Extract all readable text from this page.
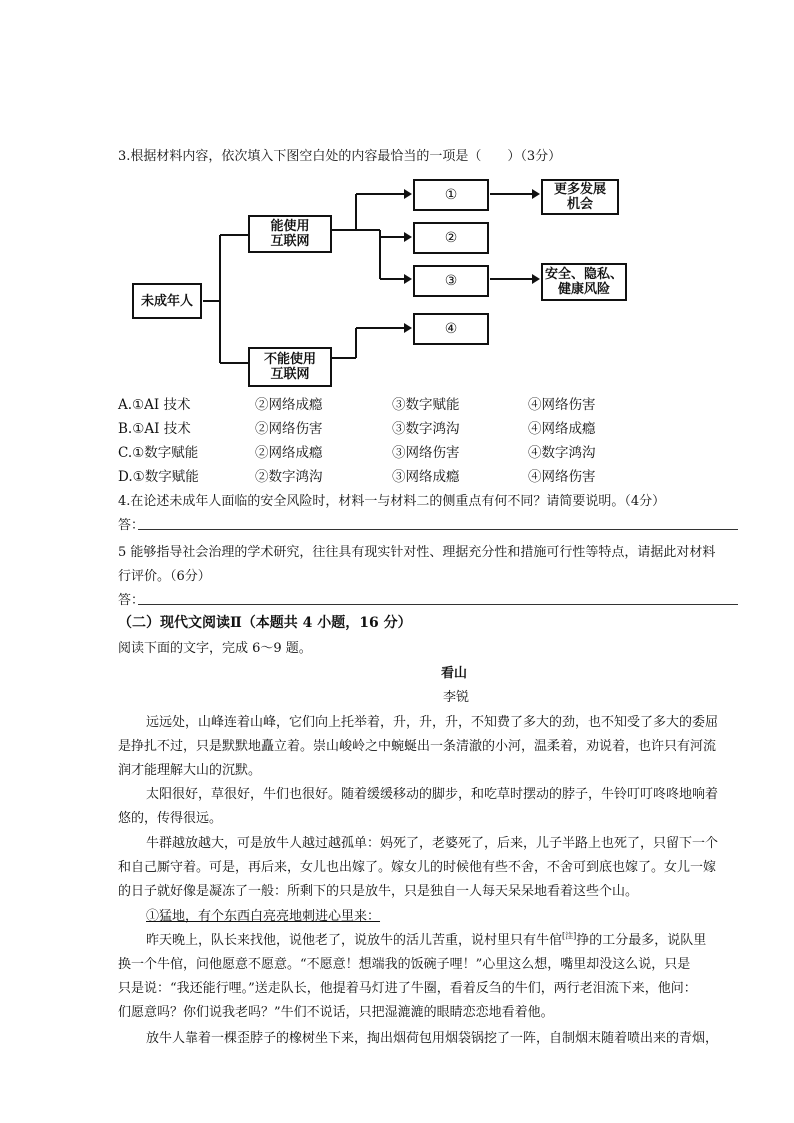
3.根据材料内容，依次填入下图空白处的内容最恰当的一项是（　　）（3分）
未成年人
能使用
互联网
不能使用
互联网
①
②
③
④
更多发展
机会
安全、隐私、
健康风险
A.①AI 技术	②网络成瘾	③数字赋能	④网络伤害
B.①AI 技术	②网络伤害	③数字鸿沟	④网络成瘾
C.①数字赋能	②网络成瘾	③网络伤害	④数字鸿沟
D.①数字赋能	②数字鸿沟	③网络成瘾	④网络伤害
4.在论述未成年人面临的安全风险时，材料一与材料二的侧重点有何不同？请简要说明。（4分）
答：
5 能够指导社会治理的学术研究，往往具有现实针对性、理据充分性和措施可行性等特点，请据此对材料
行评价。（6分）
答：
（二）现代文阅读Ⅱ（本题共 4 小题，16 分）
阅读下面的文字，完成 6～9 题。
看山
李锐
远远处，山峰连着山峰，它们向上托举着，升，升，升，不知费了多大的劲，也不知受了多大的委屈
是挣扎不过，只是默默地矗立着。崇山峻岭之中蜿蜒出一条清澈的小河，温柔着，劝说着，也许只有河流
润才能理解大山的沉默。
太阳很好，草很好，牛们也很好。随着缓缓移动的脚步，和吃草时摆动的脖子，牛铃叮叮咚咚地响着
悠的，传得很远。
牛群越放越大，可是放牛人越过越孤单：妈死了，老婆死了，后来，儿子半路上也死了，只留下一个
和自己厮守着。可是，再后来，女儿也出嫁了。嫁女儿的时候他有些不舍，不舍可到底也嫁了。女儿一嫁
的日子就好像是凝冻了一般：所剩下的只是放牛，只是独自一人每天呆呆地看着这些个山。
①猛地，有个东西白亮亮地刺进心里来：
昨天晚上，队长来找他，说他老了，说放牛的活儿苦重，说村里只有牛倌[注]挣的工分最多，说队里
换一个牛倌，问他愿意不愿意。“不愿意！想端我的饭碗子哩！”心里这么想，嘴里却没这么说，只是
只是说：“我还能行哩。”送走队长，他提着马灯进了牛圈，看着反刍的牛们，两行老泪流下来，他问：
们愿意吗？你们说我老吗？”牛们不说话，只把湿漉漉的眼睛恋恋地看着他。
放牛人靠着一棵歪脖子的橡树坐下来，掏出烟荷包用烟袋锅挖了一阵，自制烟末随着喷出来的青烟，
